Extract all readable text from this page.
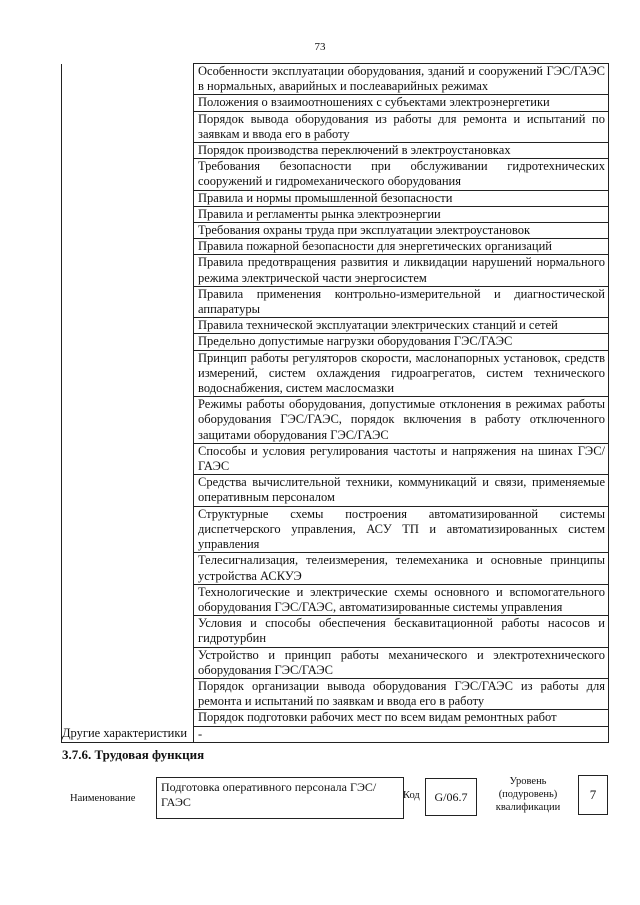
73
	Особенности эксплуатации оборудования, зданий и сооружений ГЭС/ГАЭС в нормальных, аварийных и послеаварийных режимах
	Положения о взаимоотношениях с субъектами электроэнергетики
	Порядок вывода оборудования из работы для ремонта и испытаний по заявкам и ввода его в работу
	Порядок производства переключений в электроустановках
	Требования безопасности при обслуживании гидротехнических сооружений и гидромеханического оборудования
	Правила и нормы промышленной безопасности
	Правила и регламенты рынка электроэнергии
	Требования охраны труда при эксплуатации электроустановок
	Правила пожарной безопасности для энергетических организаций
	Правила предотвращения развития и ликвидации нарушений нормального режима электрической части энергосистем
	Правила применения контрольно-измерительной и диагностической аппаратуры
	Правила технической эксплуатации электрических станций и сетей
	Предельно допустимые нагрузки оборудования ГЭС/ГАЭС
	Принцип работы регуляторов скорости, маслонапорных установок, средств измерений, систем охлаждения гидроагрегатов, систем технического водоснабжения, систем маслосмазки
	Режимы работы оборудования, допустимые отклонения в режимах работы оборудования ГЭС/ГАЭС, порядок включения в работу отключенного защитами оборудования ГЭС/ГАЭС
	Способы и условия регулирования частоты и напряжения на шинах ГЭС/ГАЭС
	Средства вычислительной техники, коммуникаций и связи, применяемые оперативным персоналом
	Структурные схемы построения автоматизированной системы диспетчерского управления, АСУ ТП и автоматизированных систем управления
	Телесигнализация, телеизмерения, телемеханика и основные принципы устройства АСКУЭ
	Технологические и электрические схемы основного и вспомогательного оборудования ГЭС/ГАЭС, автоматизированные системы управления
	Условия и способы обеспечения бескавитационной работы насосов и гидротурбин
	Устройство и принцип работы механического и электротехнического оборудования ГЭС/ГАЭС
	Порядок организации вывода оборудования ГЭС/ГАЭС из работы для ремонта и испытаний по заявкам и ввода его в работу
	Порядок подготовки рабочих мест по всем видам ремонтных работ
Другие характеристики	-
3.7.6. Трудовая функция
Наименование
Подготовка оперативного персонала ГЭС/ГАЭС	Код	G/06.7
Уровень (подуровень) квалификации
7
